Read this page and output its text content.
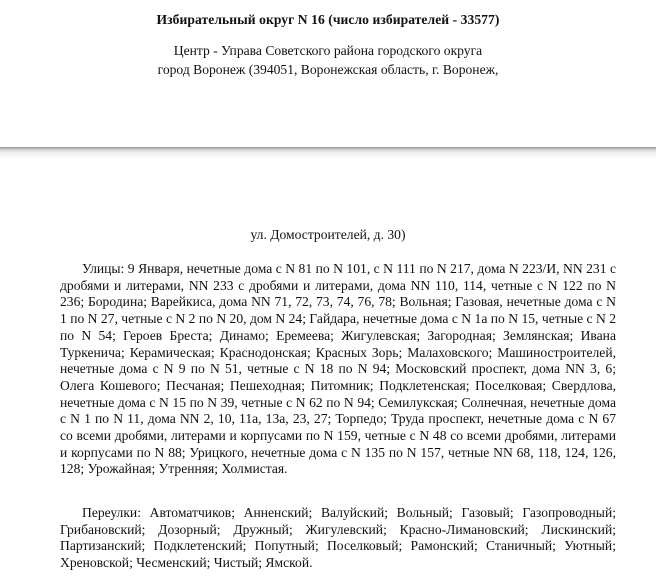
Избирательный округ N 16 (число избирателей - 33577)
Центр - Управа Советского района городского округа
город Воронеж (394051, Воронежская область, г. Воронеж,
ул. Домостроителей, д. 30)
Улицы: 9 Января, нечетные дома с N 81 по N 101, с N 111 по N 217, дома N 223/И, NN 231 с дробями и литерами, NN 233 с дробями и литерами, дома NN 110, 114, четные с N 122 по N 236; Бородина; Варейкиса, дома NN 71, 72, 73, 74, 76, 78; Вольная; Газовая, нечетные дома с N 1 по N 27, четные с N 2 по N 20, дом N 24; Гайдара, нечетные дома с N 1а по N 15, четные с N 2 по N 54; Героев Бреста; Динамо; Еремеева; Жигулевская; Загородная; Землянская; Ивана Туркенича; Керамическая; Краснодонская; Красных Зорь; Малаховского; Машиностроителей, нечетные дома с N 9 по N 51, четные с N 18 по N 94; Московский проспект, дома NN 3, 6; Олега Кошевого; Песчаная; Пешеходная; Питомник; Подклетенская; Поселковая; Свердлова, нечетные дома с N 15 по N 39, четные с N 62 по N 94; Семилукская; Солнечная, нечетные дома с N 1 по N 11, дома NN 2, 10, 11а, 13а, 23, 27; Торпедо; Труда проспект, нечетные дома с N 67 со всеми дробями, литерами и корпусами по N 159, четные с N 48 со всеми дробями, литерами и корпусами по N 88; Урицкого, нечетные дома с N 135 по N 157, четные NN 68, 118, 124, 126, 128; Урожайная; Утренняя; Холмистая.
Переулки: Автоматчиков; Анненский; Валуйский; Вольный; Газовый; Газопроводный; Грибановский; Дозорный; Дружный; Жигулевский; Красно-Лимановский; Лискинский; Партизанский; Подклетенский; Попутный; Поселковый; Рамонский; Станичный; Уютный; Хреновской; Чесменский; Чистый; Ямской.
